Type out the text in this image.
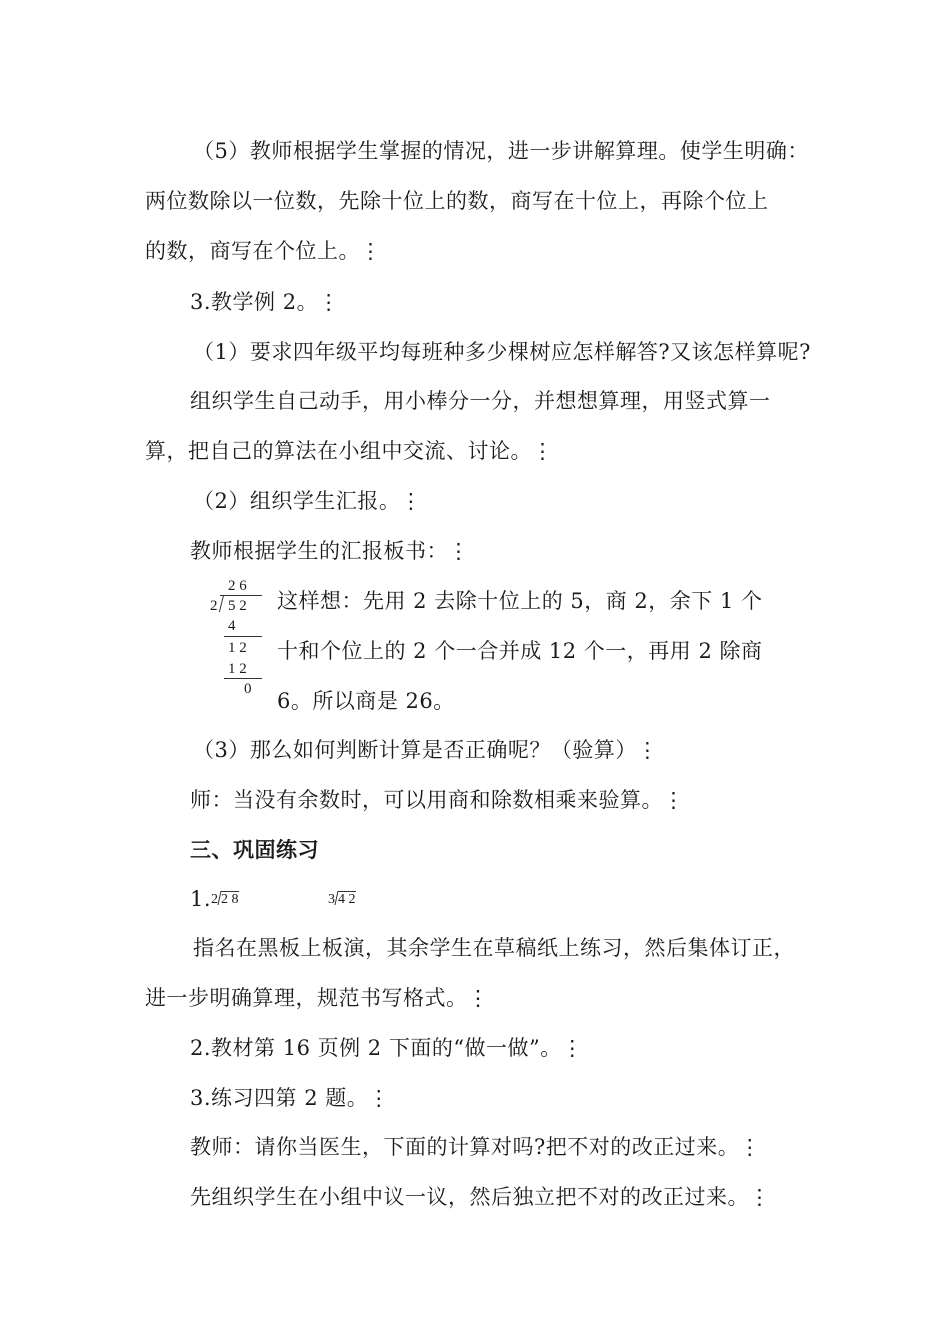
（5）教师根据学生掌握的情况，进一步讲解算理。使学生明确：
两位数除以一位数，先除十位上的数，商写在十位上，再除个位上
的数，商写在个位上。⋮
3.教学例 2。⋮
（1）要求四年级平均每班种多少棵树应怎样解答?又该怎样算呢?
组织学生自己动手，用小棒分一分，并想想算理，用竖式算一
算，把自己的算法在小组中交流、讨论。⋮
（2）组织学生汇报。⋮
教师根据学生的汇报板书：⋮
2 6
2 5 2
4
1 2
1 2
0
这样想：先用 2 去除十位上的 5，商 2，余下 1 个
十和个位上的 2 个一合并成 12 个一，再用 2 除商
6。所以商是 26。
（3）那么如何判断计算是否正确呢？（验算）⋮
师：当没有余数时，可以用商和除数相乘来验算。⋮
三、巩固练习
1. 2 2 8	3 4 2
指名在黑板上板演，其余学生在草稿纸上练习，然后集体订正，
进一步明确算理，规范书写格式。⋮
2.教材第 16 页例 2 下面的“做一做”。⋮
3.练习四第 2 题。⋮
教师：请你当医生，下面的计算对吗?把不对的改正过来。⋮
先组织学生在小组中议一议，然后独立把不对的改正过来。⋮
